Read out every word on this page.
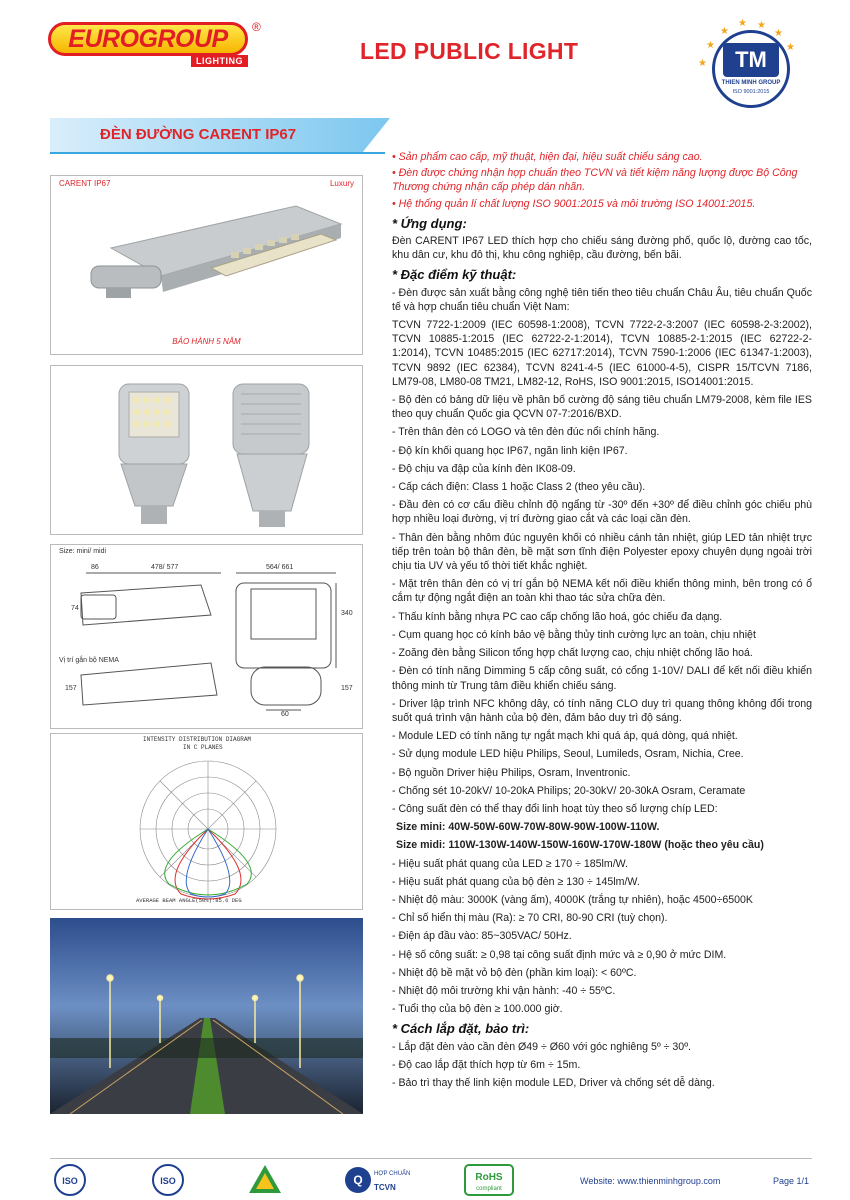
EUROGROUP	®
LIGHTING	LED PUBLIC LIGHT	TM
THIEN MINH GROUP
ISO 9001:2015
★
★
★
★ ★
★
★
ĐÈN ĐƯỜNG CARENT IP67
CARENT IP67	Luxury
BẢO HÀNH 5 NĂM
Size: mini/ midi
86	478/ 577	564/ 661
74
340
Vị trí gắn bộ NEMA
157	157
60
INTENSITY DISTRIBUTION DIAGRAM
IN C PLANES
AVERAGE BEAM ANGLE(50%):85.6 DEG
• Sản phẩm cao cấp, mỹ thuật, hiện đại, hiệu suất chiếu sáng cao.
• Đèn được chứng nhận hợp chuẩn theo TCVN và tiết kiệm năng lượng được Bộ Công Thương chứng nhận cấp phép dán nhãn.
• Hệ thống quản lí chất lượng ISO 9001:2015 và môi trường ISO 14001:2015.
* Ứng dụng:
Đèn CARENT IP67 LED thích hợp cho chiếu sáng đường phố, quốc lộ, đường cao tốc, khu dân cư, khu đô thị, khu công nghiệp, cầu đường, bến bãi.
* Đặc điểm kỹ thuật:
- Đèn được sản xuất bằng công nghệ tiên tiến theo tiêu chuẩn Châu Âu, tiêu chuẩn Quốc tế và hợp chuẩn tiêu chuẩn Việt Nam:
TCVN 7722-1:2009 (IEC 60598-1:2008), TCVN 7722-2-3:2007 (IEC 60598-2-3:2002), TCVN 10885-1:2015 (IEC 62722-2-1:2014), TCVN 10885-2-1:2015 (IEC 62722-2-1:2014), TCVN 10485:2015 (IEC 62717:2014), TCVN 7590-1:2006 (IEC 61347-1:2003), TCVN 9892 (IEC 62384), TCVN 8241-4-5 (IEC 61000-4-5), CISPR 15/TCVN 7186, LM79-08, LM80-08 TM21, LM82-12, RoHS, ISO 9001:2015, ISO14001:2015.
- Bộ đèn có bảng dữ liệu về phân bố cường độ sáng tiêu chuẩn LM79-2008, kèm file IES theo quy chuẩn Quốc gia QCVN 07-7:2016/BXD.
- Trên thân đèn có LOGO và tên đèn đúc nổi chính hãng.
- Độ kín khối quang học IP67, ngăn linh kiện IP67.
- Độ chịu va đập của kính đèn IK08-09.
- Cấp cách điện: Class 1 hoặc Class 2 (theo yêu cầu).
- Đầu đèn có cơ cấu điều chỉnh độ ngẩng từ -30º đến +30º để điều chỉnh góc chiếu phù hợp nhiều loại đường, vị trí đường giao cắt và các loại cần đèn.
- Thân đèn bằng nhôm đúc nguyên khối có nhiều cánh tản nhiệt, giúp LED tản nhiệt trực tiếp trên toàn bộ thân đèn, bề mặt sơn tĩnh điện Polyester epoxy chuyên dụng ngoài trời chịu tia UV và yếu tố thời tiết khắc nghiệt.
- Mặt trên thân đèn có vị trí gắn bộ NEMA kết nối điều khiển thông minh, bên trong có ổ cắm tự động ngắt điện an toàn khi thao tác sửa chữa đèn.
- Thấu kính bằng nhựa PC cao cấp chống lão hoá, góc chiếu đa dạng.
- Cụm quang học có kính bảo vệ bằng thủy tinh cường lực an toàn, chịu nhiệt
- Zoăng đèn bằng Silicon tổng hợp chất lượng cao, chịu nhiệt chống lão hoá.
- Đèn có tính năng Dimming 5 cấp công suất, có cổng 1-10V/ DALI để kết nối điều khiển thông minh từ Trung tâm điều khiển chiếu sáng.
- Driver lập trình NFC không dây, có tính năng CLO duy trì quang thông không đổi trong suốt quá trình vận hành của bộ đèn, đảm bảo duy trì độ sáng.
- Module LED có tính năng tự ngắt mạch khi quá áp, quá dòng, quá nhiệt.
- Sử dụng module LED hiệu Philips, Seoul, Lumileds, Osram, Nichia, Cree.
- Bộ nguồn Driver hiệu Philips, Osram, Inventronic.
- Chống sét 10-20kV/ 10-20kA Philips; 20-30kV/ 20-30kA Osram, Ceramate
- Công suất đèn có thể thay đổi linh hoạt tùy theo số lượng chíp LED:
Size mini: 40W-50W-60W-70W-80W-90W-100W-110W.
Size midi: 110W-130W-140W-150W-160W-170W-180W (hoặc theo yêu cầu)
- Hiệu suất phát quang của LED ≥ 170 ÷ 185lm/W.
- Hiệu suất phát quang của bộ đèn ≥ 130 ÷ 145lm/W.
- Nhiệt độ màu: 3000K (vàng ấm), 4000K (trắng tự nhiên), hoặc 4500÷6500K
- Chỉ số hiển thị màu (Ra): ≥ 70 CRI, 80-90 CRI (tuỳ chọn).
- Điện áp đầu vào: 85~305VAC/ 50Hz.
- Hệ số công suất: ≥ 0,98 tại công suất định mức và ≥ 0,90 ở mức DIM.
- Nhiệt độ bề mặt vỏ bộ đèn (phần kim loại): < 60ºC.
- Nhiệt độ môi trường khi vận hành: -40 ÷ 55ºC.
- Tuổi thọ của bộ đèn ≥ 100.000 giờ.
* Cách lắp đặt, bảo trì:
- Lắp đặt đèn vào cần đèn Ø49 ÷ Ø60 với góc nghiêng 5º ÷ 30º.
- Độ cao lắp đặt thích hợp từ 6m ÷ 15m.
- Bảo trì thay thế linh kiện module LED, Driver và chống sét dễ dàng.
ISO	ISO	Q HỢP CHUẨN
TCVN
RoHS
compliant
Website: www.thienminhgroup.com	Page 1/1
